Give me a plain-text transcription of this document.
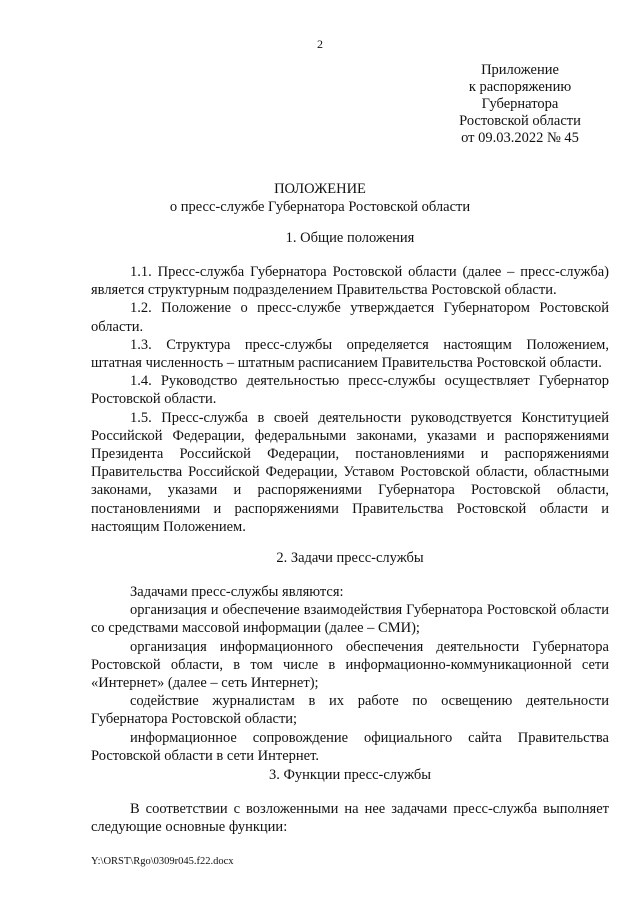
2
Приложение
к распоряжению
Губернатора
Ростовской области
от 09.03.2022 № 45
ПОЛОЖЕНИЕ
о пресс-службе Губернатора Ростовской области
1. Общие положения

1.1. Пресс-служба Губернатора Ростовской области (далее – пресс-служба) является структурным подразделением Правительства Ростовской области.

1.2. Положение о пресс-службе утверждается Губернатором Ростовской области.

1.3. Структура пресс-службы определяется настоящим Положением, штатная численность – штатным расписанием Правительства Ростовской области.

1.4. Руководство деятельностью пресс-службы осуществляет Губернатор Ростовской области.

1.5. Пресс-служба в своей деятельности руководствуется Конституцией Российской Федерации, федеральными законами, указами и распоряжениями Президента Российской Федерации, постановлениями и распоряжениями Правительства Российской Федерации, Уставом Ростовской области, областными законами, указами и распоряжениями Губернатора Ростовской области, постановлениями и распоряжениями Правительства Ростовской области и настоящим Положением.

2. Задачи пресс-службы

Задачами пресс-службы являются:

организация и обеспечение взаимодействия Губернатора Ростовской области со средствами массовой информации (далее – СМИ);

организация информационного обеспечения деятельности Губернатора Ростовской области, в том числе в информационно-коммуникационной сети «Интернет» (далее – сеть Интернет);

содействие журналистам в их работе по освещению деятельности Губернатора Ростовской области;

информационное сопровождение официального сайта Правительства Ростовской области в сети Интернет.

3. Функции пресс-службы

В соответствии с возложенными на нее задачами пресс-служба выполняет следующие основные функции:

Y:\ORST\Rgo\0309r045.f22.docx
